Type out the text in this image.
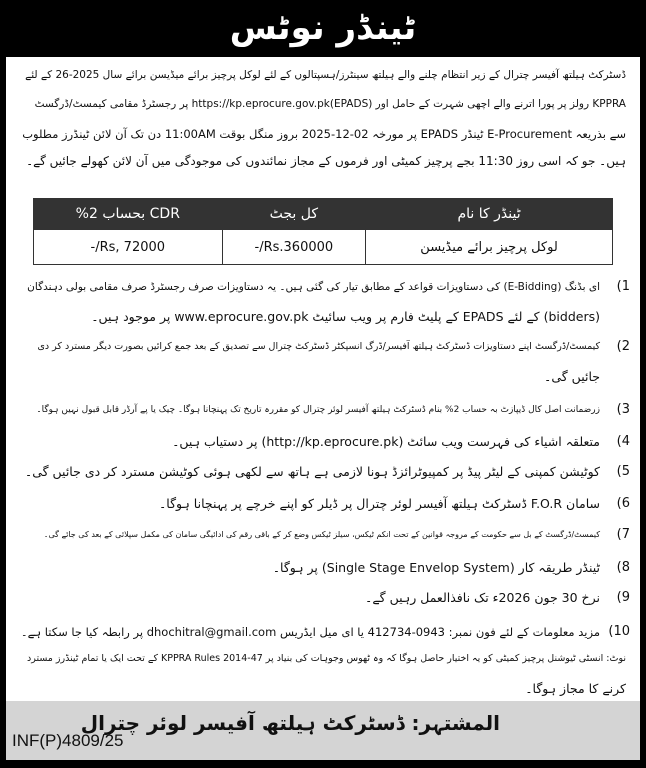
ٹینڈر نوٹس
ڈسٹرکٹ ہیلتھ آفیسر چترال کے زیر انتظام چلنے والے ہیلتھ سینٹرز/ہسپتالوں کے لئے لوکل پرچیز برائے میڈیسن برائے سال 2025-26 کے لئے
KPPRA رولز پر پورا اترنے والے اچھی شہرت کے حامل اور (EPADS)https://kp.eprocure.gov.pk پر رجسٹرڈ مقامی کیمسٹ/ڈرگسٹ
سے بذریعہ E-Procurement ٹینڈر EPADS پر مورخہ 02-12-2025 بروز منگل بوقت 11:00AM دن تک آن لائن ٹینڈرز مطلوب
ہیں۔ جو کہ اسی روز 11:30 بجے پرچیز کمیٹی اور فرموں کے مجاز نمائندوں کی موجودگی میں آن لائن کھولے جائیں گے۔
ٹینڈر کا نام	کل بجٹ	CDR بحساب 2%
لوکل پرچیز برائے میڈیسن	Rs.360000/-	Rs, 72000/-
(1
ای بڈنگ (E-Bidding) کی دستاویزات قواعد کے مطابق تیار کی گئی ہیں۔ یہ دستاویزات صرف رجسٹرڈ صرف مقامی بولی دہندگان
(bidders) کے لئے EPADS کے پلیٹ فارم پر ویب سائیٹ www.eprocure.gov.pk پر موجود ہیں۔
(2
کیمسٹ/ڈرگسٹ اپنے دستاویزات ڈسٹرکٹ ہیلتھ آفیسر/ڈرگ انسپکٹر ڈسٹرکٹ چترال سے تصدیق کے بعد جمع کرائیں بصورت دیگر مسترد کر دی
جائیں گی۔
(3
زرضمانت اصل کال ڈیپازٹ بہ حساب 2% بنام ڈسٹرکٹ ہیلتھ آفیسر لوئر چترال کو مقررہ تاریخ تک پہنچانا ہوگا۔ چیک یا پے آرڈر قابل قبول نہیں ہوگا۔
(4
متعلقہ اشیاء کی فہرست ویب سائٹ (http://kp.eprocure.pk) پر دستیاب ہیں۔
(5
کوٹیشن کمپنی کے لیٹر پیڈ پر کمپیوٹرائزڈ ہونا لازمی ہے ہاتھ سے لکھی ہوئی کوٹیشن مسترد کر دی جائیں گی۔
(6
سامان F.O.R ڈسٹرکٹ ہیلتھ آفیسر لوئر چترال پر ڈیلر کو اپنے خرچے پر پہنچانا ہوگا۔
(7
کیمسٹ/ڈرگسٹ کے بل سے حکومت کے مروجہ قوانین کے تحت انکم ٹیکس، سیلز ٹیکس وضع کر کے باقی رقم کی ادائیگی سامان کی مکمل سپلائی کے بعد کی جائے گی۔
(8
ٹینڈر طریقہ کار (Single Stage Envelop System) پر ہوگا۔
(9
نرخ 30 جون 2026ء تک نافذالعمل رہیں گے۔
(10
مزید معلومات کے لئے فون نمبر: 0943-412734 یا ای میل ایڈریس dhochitral@gmail.com پر رابطہ کیا جا سکتا ہے۔
نوٹ: انسٹی ٹیوشنل پرچیز کمیٹی کو یہ اختیار حاصل ہوگا کہ وہ ٹھوس وجوہات کی بنیاد پر 47-KPPRA Rules 2014 کے تحت ایک یا تمام ٹینڈرز مسترد
کرنے کا مجاز ہوگا۔
المشتہر: ڈسٹرکٹ ہیلتھ آفیسر لوئر چترال
INF(P)4809/25
